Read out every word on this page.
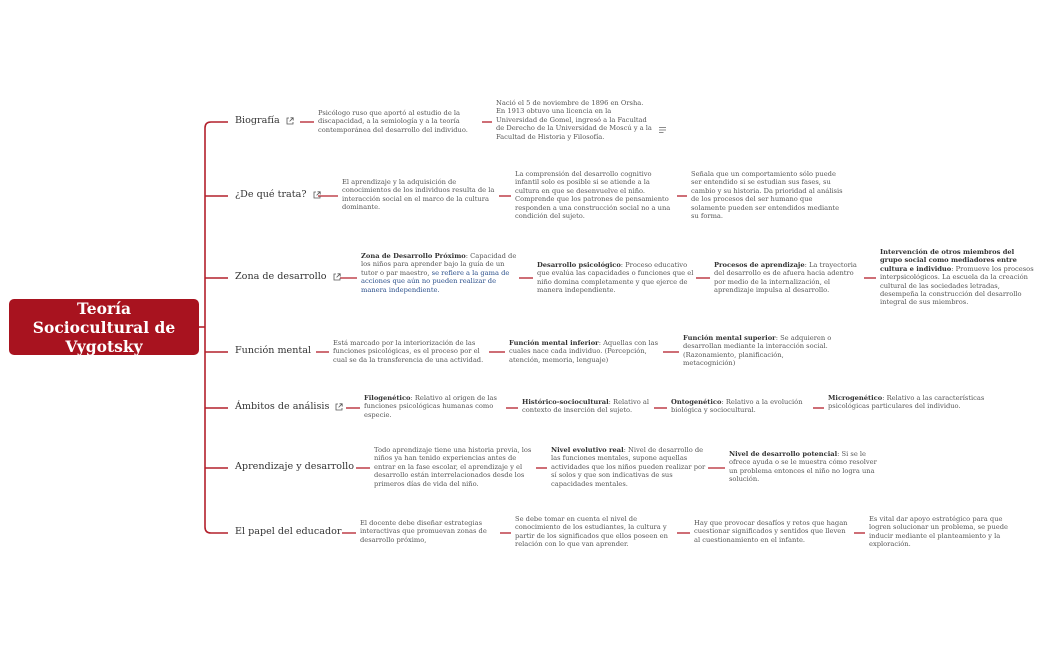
Teoría Sociocultural de Vygotsky
Biografía
Psicólogo ruso que aportó al estudio de la discapacidad, a la semiología y a la teoría contemporánea del desarrollo del individuo.
Nació el 5 de noviembre de 1896 en Orsha. En 1913 obtuvo una licencia en la Universidad de Gomel, ingresó a la Facultad de Derecho de la Universidad de Moscú y a la Facultad de Historia y Filosofía.
¿De qué trata?
El aprendizaje y la adquisición de conocimientos de los individuos resulta de la interacción social en el marco de la cultura dominante.
La comprensión del desarrollo cognitivo infantil solo es posible si se atiende a la cultura en que se desenvuelve el niño. Comprende que los patrones de pensamiento responden a una construcción social no a una condición del sujeto.
Señala que un comportamiento sólo puede ser entendido si se estudian sus fases, su cambio y su historia. Da prioridad al análisis de los procesos del ser humano que solamente pueden ser entendidos mediante su forma.
Zona de desarrollo
Zona de Desarrollo Próximo: Capacidad de los niños para aprender bajo la guía de un tutor o par maestro, se refiere a la gama de acciones que aún no pueden realizar de manera independiente.
Desarrollo psicológico: Proceso educativo que evalúa las capacidades o funciones que el niño domina completamente y que ejerce de manera independiente.
Procesos de aprendizaje: La trayectoria del desarrollo es de afuera hacia adentro por medio de la internalización, el aprendizaje impulsa al desarrollo.
Intervención de otros miembros del grupo social como mediadores entre cultura e individuo: Promueve los procesos interpsicológicos. La escuela da la creación cultural de las sociedades letradas, desempeña la construcción del desarrollo integral de sus miembros.
Función mental
Está marcado por la interiorización de las funciones psicológicas, es el proceso por el cual se da la transferencia de una actividad.
Función mental inferior: Aquellas con las cuales nace cada individuo. (Percepción, atención, memoria, lenguaje)
Función mental superior: Se adquieren o desarrollan mediante la interacción social. (Razonamiento, planificación, metacognición)
Ámbitos de análisis
Filogenético: Relativo al origen de las funciones psicológicas humanas como especie.
Histórico-sociocultural: Relativo al contexto de inserción del sujeto.
Ontogenético: Relativo a la evolución biológica y sociocultural.
Microgenético: Relativo a las características psicológicas particulares del individuo.
Aprendizaje y desarrollo
Todo aprendizaje tiene una historia previa, los niños ya han tenido experiencias antes de entrar en la fase escolar, el aprendizaje y el desarrollo están interrelacionados desde los primeros días de vida del niño.
Nivel evolutivo real: Nivel de desarrollo de las funciones mentales, supone aquellas actividades que los niños pueden realizar por sí solos y que son indicativas de sus capacidades mentales.
Nivel de desarrollo potencial: Si se le ofrece ayuda o se le muestra cómo resolver un problema entonces el niño no logra una solución.
El papel del educador
El docente debe diseñar estrategias interactivas que promuevan zonas de desarrollo próximo,
Se debe tomar en cuenta el nivel de conocimiento de los estudiantes, la cultura y partir de los significados que ellos poseen en relación con lo que van aprender.
Hay que provocar desafíos y retos que hagan cuestionar significados y sentidos que lleven al cuestionamiento en el infante.
Es vital dar apoyo estratégico para que logren solucionar un problema, se puede inducir mediante el planteamiento y la exploración.
